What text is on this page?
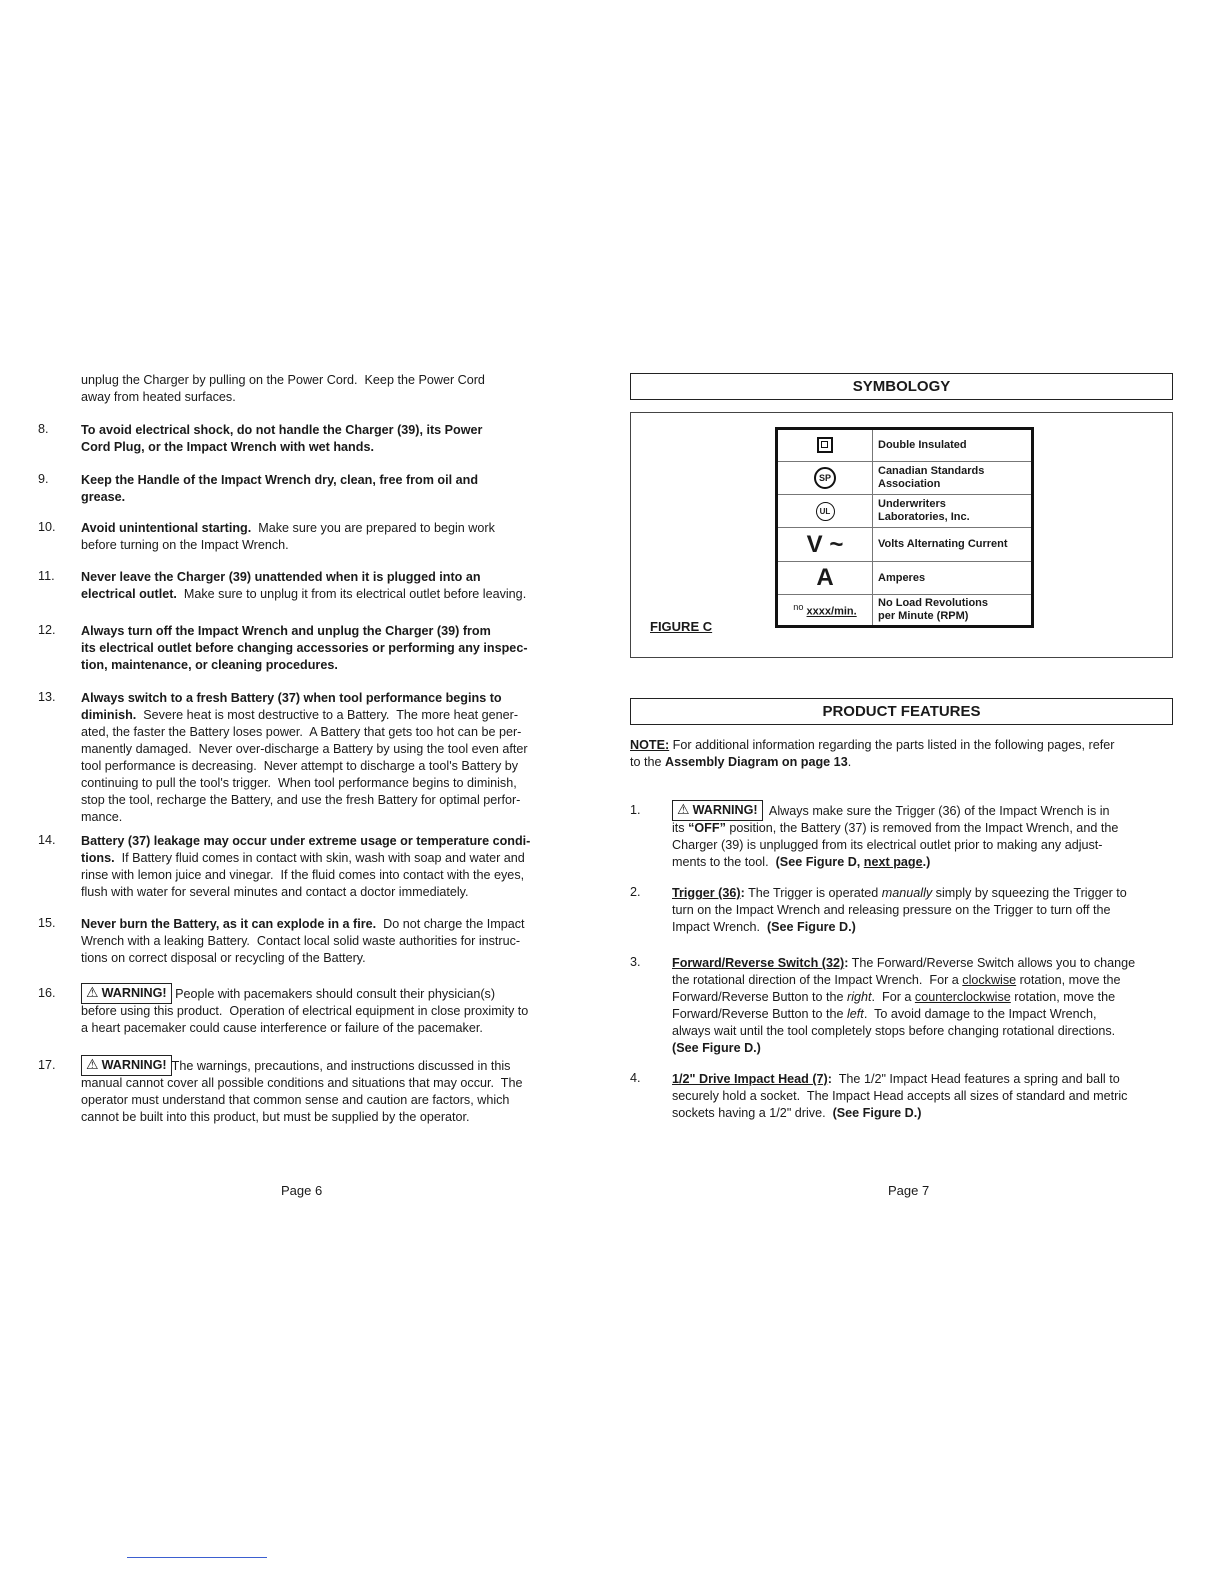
unplug the Charger by pulling on the Power Cord.  Keep the Power Cord
away from heated surfaces.
8.	To avoid electrical shock, do not handle the Charger (39), its Power
Cord Plug, or the Impact Wrench with wet hands.
9.	Keep the Handle of the Impact Wrench dry, clean, free from oil and
grease.
10. Avoid unintentional starting.  Make sure you are prepared to begin work
before turning on the Impact Wrench.
11. Never leave the Charger (39) unattended when it is plugged into an
electrical outlet.  Make sure to unplug it from its electrical outlet before leaving.
12. Always turn off the Impact Wrench and unplug the Charger (39) from
its electrical outlet before changing accessories or performing any inspec-
tion, maintenance, or cleaning procedures.
13. Always switch to a fresh Battery (37) when tool performance begins to
diminish.  Severe heat is most destructive to a Battery.  The more heat gener-
ated, the faster the Battery loses power.  A Battery that gets too hot can be per-
manently damaged.  Never over-discharge a Battery by using the tool even after
tool performance is decreasing.  Never attempt to discharge a tool's Battery by
continuing to pull the tool's trigger.  When tool performance begins to diminish,
stop the tool, recharge the Battery, and use the fresh Battery for optimal perfor-
mance.
14. Battery (37) leakage may occur under extreme usage or temperature condi-
tions.  If Battery fluid comes in contact with skin, wash with soap and water and
rinse with lemon juice and vinegar.  If the fluid comes into contact with the eyes,
flush with water for several minutes and contact a doctor immediately.
15. Never burn the Battery, as it can explode in a fire.  Do not charge the Impact
Wrench with a leaking Battery.  Contact local solid waste authorities for instruc-
tions on correct disposal or recycling of the Battery.
16.	⚠ WARNING! People with pacemakers should consult their physician(s)
before using this product.  Operation of electrical equipment in close proximity to
a heart pacemaker could cause interference or failure of the pacemaker.
17.	⚠ WARNING! The warnings, precautions, and instructions discussed in this
manual cannot cover all possible conditions and situations that may occur.  The
operator must understand that common sense and caution are factors, which
cannot be built into this product, but must be supplied by the operator.
Page 6
SYMBOLOGY
FIGURE C
	Double Insulated
SP	Canadian Standards
Association
UL	Underwriters
Laboratories, Inc.
V ~	Volts Alternating Current
A	Amperes
$^{no}$ xxxx/min.	No Load Revolutions
per Minute (RPM)
PRODUCT FEATURES
NOTE: For additional information regarding the parts listed in the following pages, refer
to the Assembly Diagram on page 13.
1.	⚠ WARNING!  Always make sure the Trigger (36) of the Impact Wrench is in
its “OFF” position, the Battery (37) is removed from the Impact Wrench, and the
Charger (39) is unplugged from its electrical outlet prior to making any adjust-
ments to the tool.  (See Figure D, next page.)
2. Trigger (36): The Trigger is operated manually simply by squeezing the Trigger to
turn on the Impact Wrench and releasing pressure on the Trigger to turn off the
Impact Wrench.  (See Figure D.)
3. Forward/Reverse Switch (32): The Forward/Reverse Switch allows you to change
the rotational direction of the Impact Wrench.  For a clockwise rotation, move the
Forward/Reverse Button to the right.  For a counterclockwise rotation, move the
Forward/Reverse Button to the left.  To avoid damage to the Impact Wrench,
always wait until the tool completely stops before changing rotational directions.
(See Figure D.)
4. 1/2" Drive Impact Head (7):  The 1/2" Impact Head features a spring and ball to
securely hold a socket.  The Impact Head accepts all sizes of standard and metric
sockets having a 1/2" drive.  (See Figure D.)
Page 7
